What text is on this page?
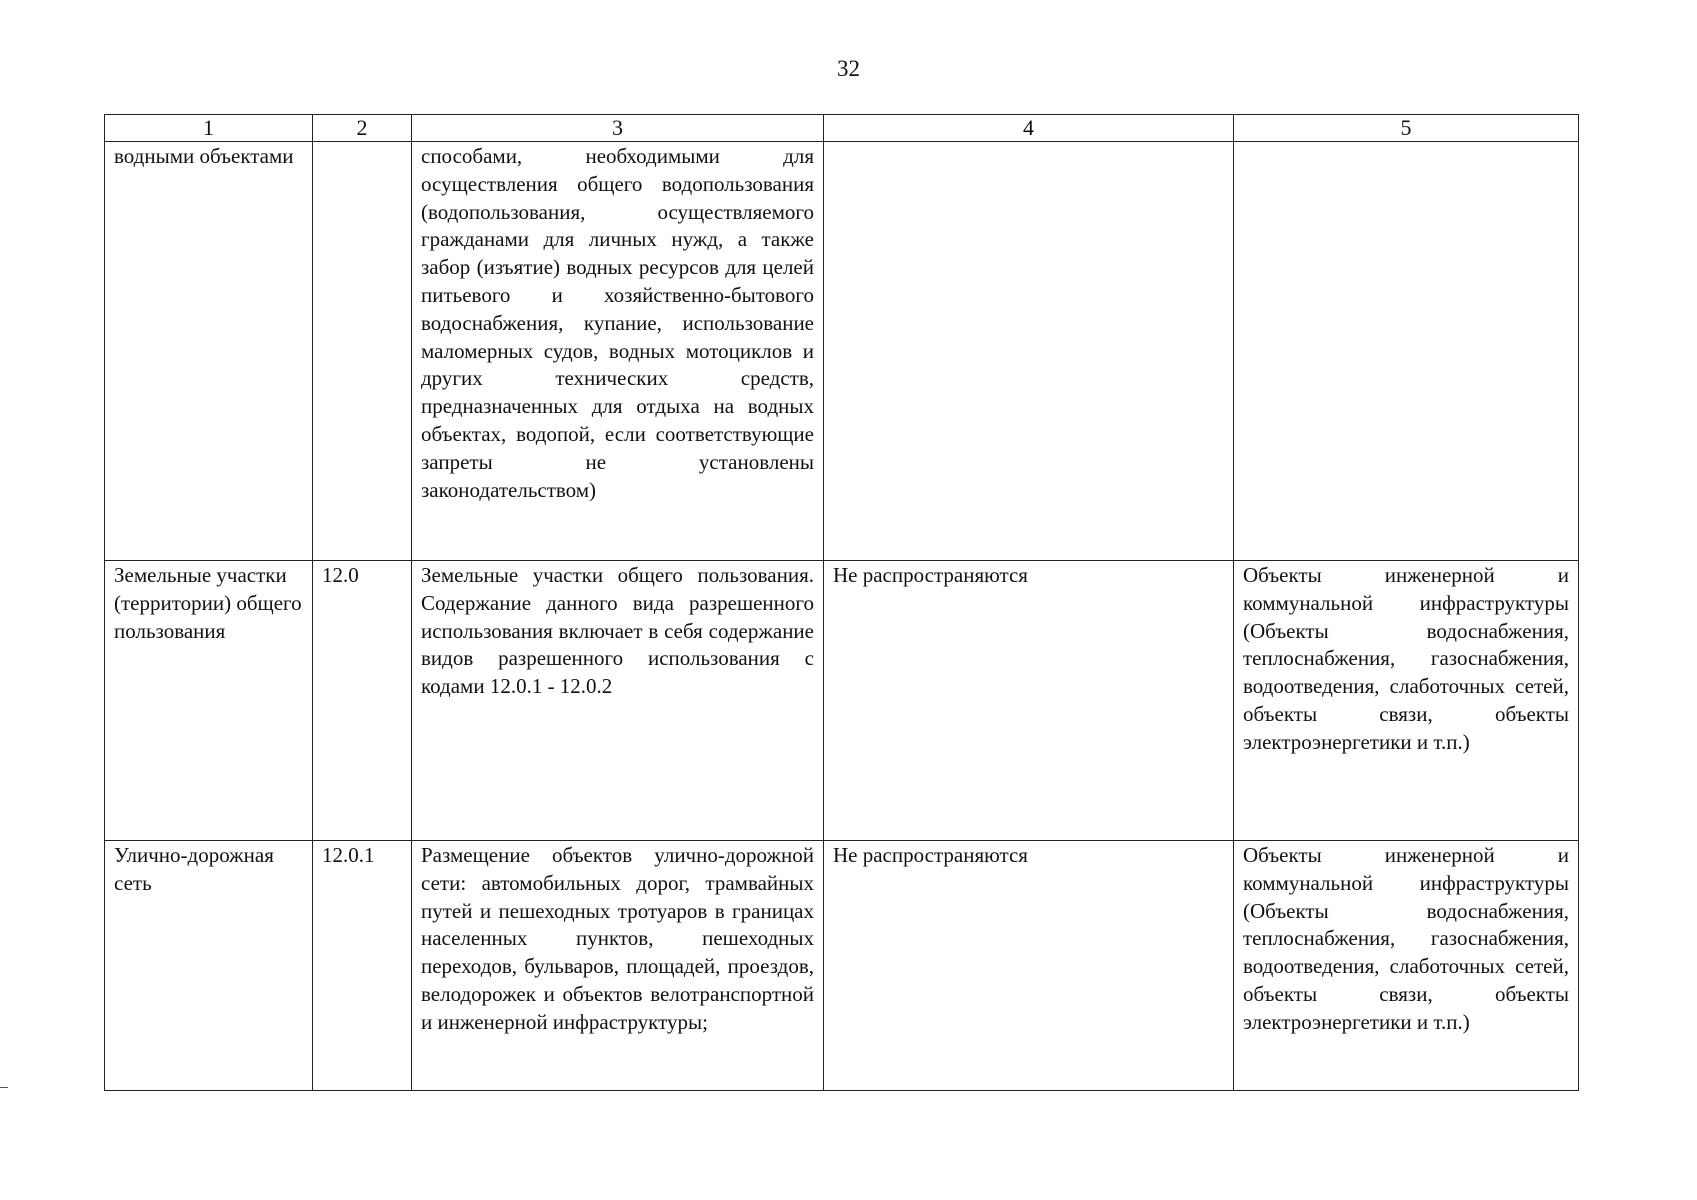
32
1	2	3	4	5
водными объектами		способами, необходимыми для осуществления общего водопользования (водопользования, осуществляемого гражданами для личных нужд, а также забор (изъятие) водных ресурсов для целей питьевого и хозяйственно-бытового водоснабжения, купание, использование маломерных судов, водных мотоциклов и других технических средств, предназначенных для отдыха на водных объектах, водопой, если соответствующие запреты не установлены законодательством)		
Земельные участки (территории) общего пользования	12.0	Земельные участки общего пользования. Содержание данного вида разрешенного использования включает в себя содержание видов разрешенного использования с кодами 12.0.1 - 12.0.2	Не распространяются	Объекты инженерной и коммунальной инфраструктуры (Объекты водоснабжения, теплоснабжения, газоснабжения, водоотведения, слаботочных сетей, объекты связи, объекты электроэнергетики и т.п.)
Улично-дорожная сеть	12.0.1	Размещение объектов улично-дорожной сети: автомобильных дорог, трамвайных путей и пешеходных тротуаров в границах населенных пунктов, пешеходных переходов, бульваров, площадей, проездов, велодорожек и объектов велотранспортной и инженерной инфраструктуры;	Не распространяются	Объекты инженерной и коммунальной инфраструктуры (Объекты водоснабжения, теплоснабжения, газоснабжения, водоотведения, слаботочных сетей, объекты связи, объекты электроэнергетики и т.п.)
